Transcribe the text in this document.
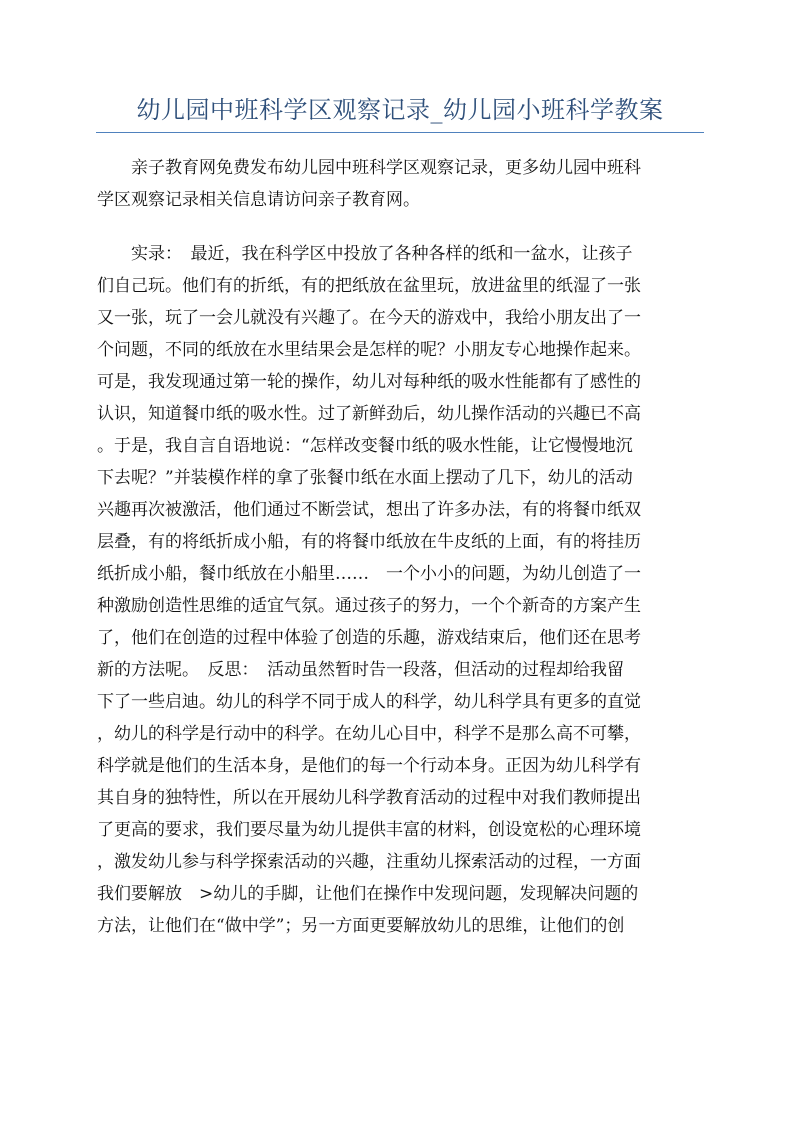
幼儿园中班科学区观察记录_幼儿园小班科学教案
　　亲子教育网免费发布幼儿园中班科学区观察记录，更多幼儿园中班科
学区观察记录相关信息请访问亲子教育网。
　　实录：　最近，我在科学区中投放了各种各样的纸和一盆水，让孩子
们自己玩。他们有的折纸，有的把纸放在盆里玩，放进盆里的纸湿了一张
又一张，玩了一会儿就没有兴趣了。在今天的游戏中，我给小朋友出了一
个问题，不同的纸放在水里结果会是怎样的呢？小朋友专心地操作起来。
可是，我发现通过第一轮的操作，幼儿对每种纸的吸水性能都有了感性的
认识，知道餐巾纸的吸水性。过了新鲜劲后，幼儿操作活动的兴趣已不高
。于是，我自言自语地说：“怎样改变餐巾纸的吸水性能，让它慢慢地沉
下去呢？”并装模作样的拿了张餐巾纸在水面上摆动了几下，幼儿的活动
兴趣再次被激活，他们通过不断尝试，想出了许多办法，有的将餐巾纸双
层叠，有的将纸折成小船，有的将餐巾纸放在牛皮纸的上面，有的将挂历
纸折成小船，餐巾纸放在小船里……　一个小小的问题，为幼儿创造了一
种激励创造性思维的适宜气氛。通过孩子的努力，一个个新奇的方案产生
了，他们在创造的过程中体验了创造的乐趣，游戏结束后，他们还在思考
新的方法呢。　反思：　活动虽然暂时告一段落，但活动的过程却给我留
下了一些启迪。幼儿的科学不同于成人的科学，幼儿科学具有更多的直觉
，幼儿的科学是行动中的科学。在幼儿心目中，科学不是那么高不可攀，
科学就是他们的生活本身，是他们的每一个行动本身。正因为幼儿科学有
其自身的独特性，所以在开展幼儿科学教育活动的过程中对我们教师提出
了更高的要求，我们要尽量为幼儿提供丰富的材料，创设宽松的心理环境
，激发幼儿参与科学探索活动的兴趣，注重幼儿探索活动的过程，一方面
我们要解放　>幼儿的手脚，让他们在操作中发现问题，发现解决问题的
方法，让他们在“做中学”；另一方面更要解放幼儿的思维，让他们的创
